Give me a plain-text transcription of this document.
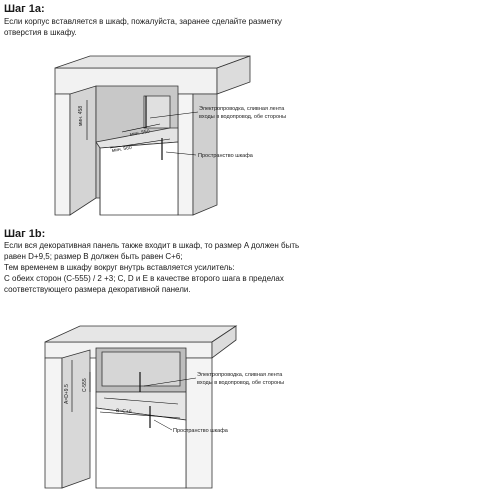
Шаг 1a:
Если корпус вставляется в шкаф, пожалуйста, заранее сделайте разметку
отверстия в шкафу.
мин. 458
мин. 550
мин. 560
Электропроводка, сливная лента
входы в водопровод, обе стороны
Пространство шкафа
Шаг 1b:
Если вся декоративная панель также входит в шкаф, то размер A должен быть
равен D+9,5; размер B должен быть равен C+6;
Тем временем в шкафу вокруг внутрь вставляется усилитель:
С обеих сторон (C-555) / 2 +3; C, D и E в качестве второго шага в пределах
соответствующего размера декоративной панели.
A=D+9.5 C-555
B=C+6
Электропроводка, сливная лента
входы в водопровод, обе стороны
Пространство шкафа
